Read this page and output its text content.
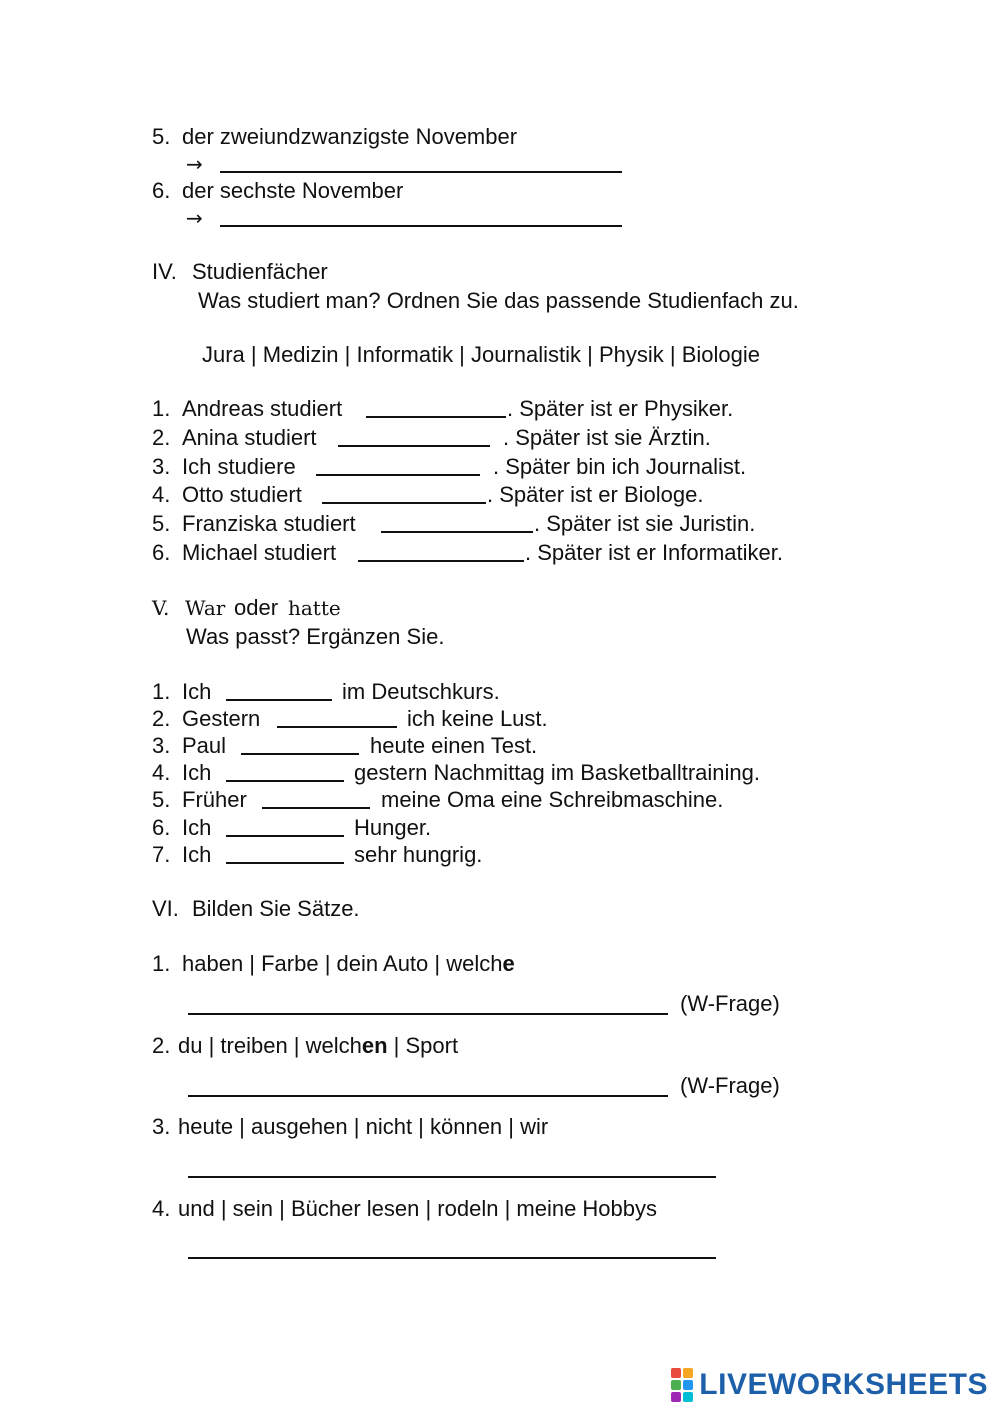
5. der zweiundzwanzigste November
→
6. der sechste November
→
IV. Studienfächer
Was studiert man? Ordnen Sie das passende Studienfach zu.
Jura | Medizin | Informatik | Journalistik | Physik | Biologie
1. Andreas studiert	. Später ist er Physiker.
2. Anina studiert	. Später ist sie Ärztin.
3. Ich studiere	. Später bin ich Journalist.
4. Otto studiert	. Später ist er Biologe.
5. Franziska studiert	. Später ist sie Juristin.
6. Michael studiert	. Später ist er Informatiker.
V. War oder hatte
Was passt? Ergänzen Sie.
1. Ich	im Deutschkurs.
2. Gestern	ich keine Lust.
3. Paul	heute einen Test.
4. Ich	gestern Nachmittag im Basketballtraining.
5. Früher	meine Oma eine Schreibmaschine.
6. Ich	Hunger.
7. Ich	sehr hungrig.
VI. Bilden Sie Sätze.
1. haben | Farbe | dein Auto | welche
(W-Frage)
2. du | treiben | welchen | Sport
(W-Frage)
3. heute | ausgehen | nicht | können | wir
4. und | sein | Bücher lesen | rodeln | meine Hobbys
LIVEWORKSHEETS
